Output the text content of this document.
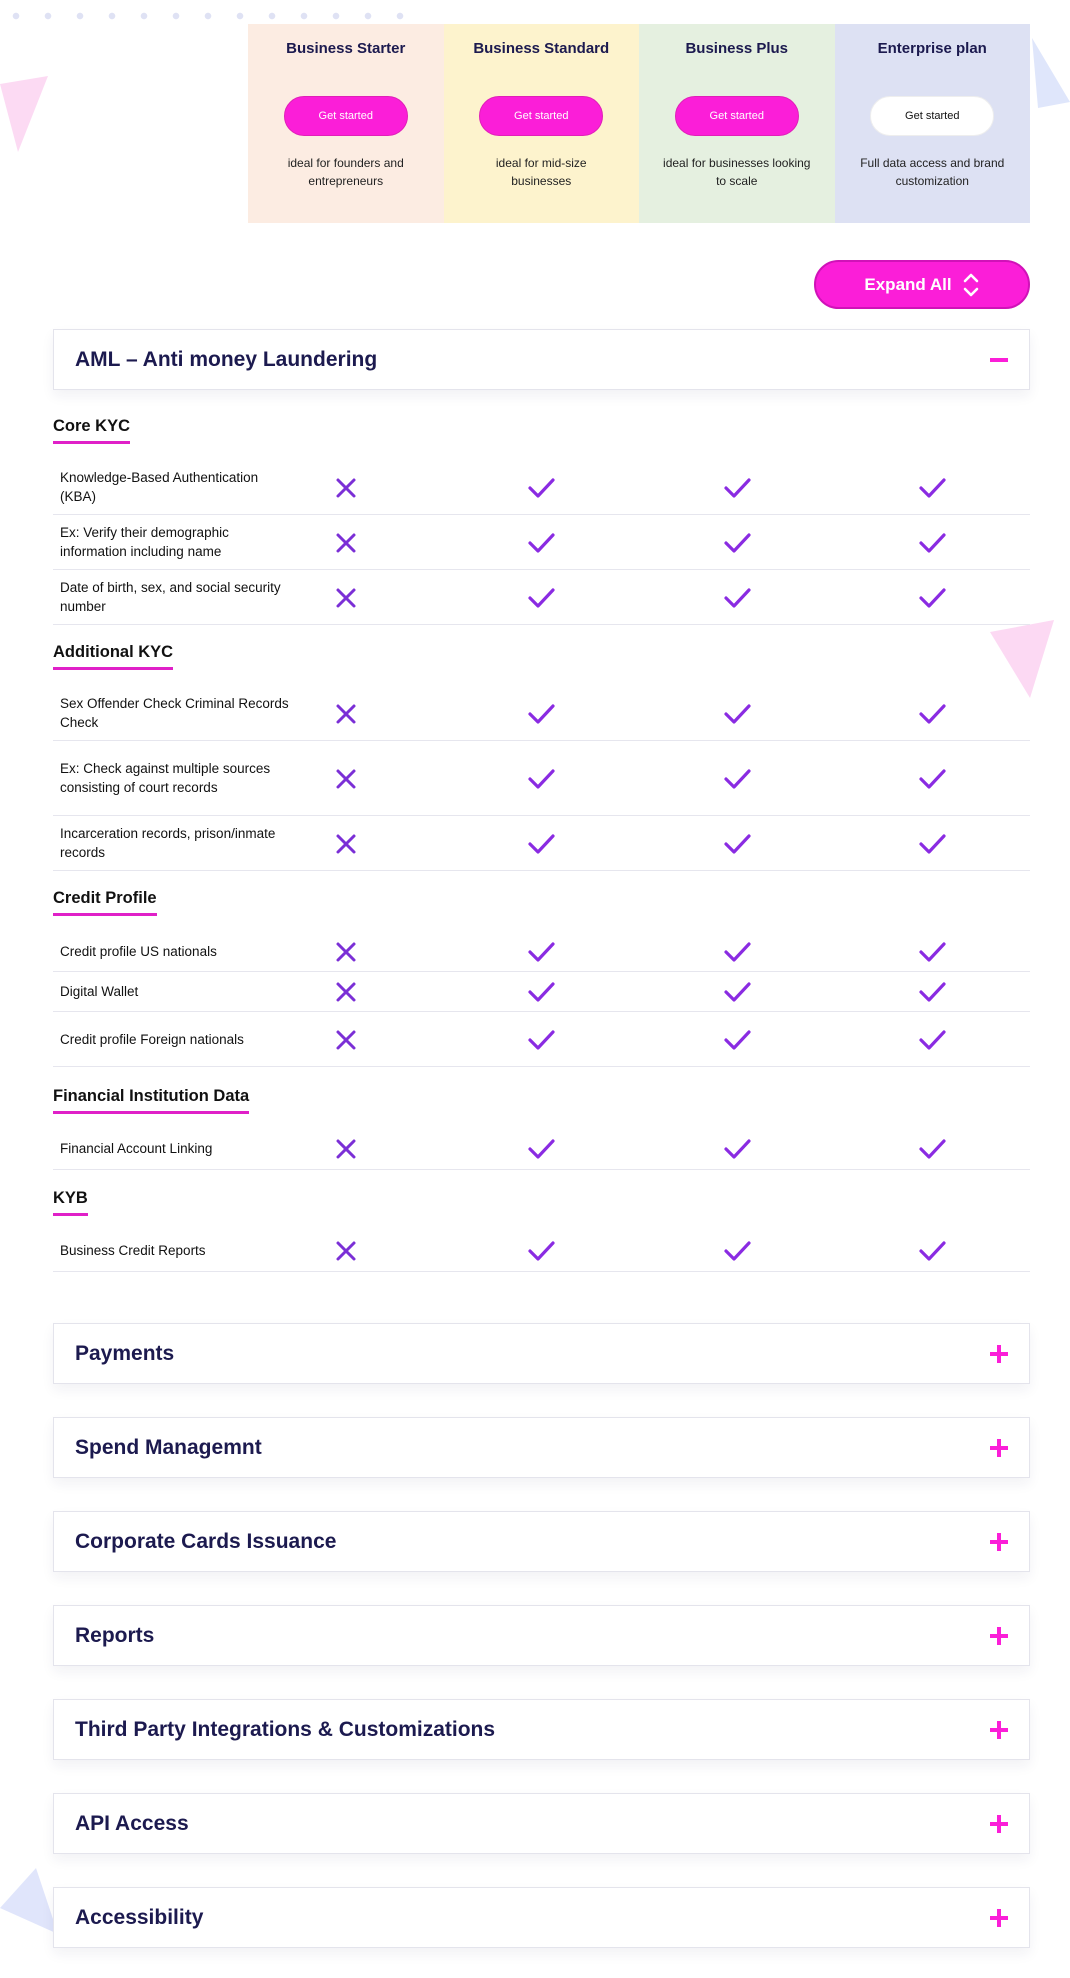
Business Starter
Get started
ideal for founders and entrepreneurs
Business Standard
Get started
ideal for mid-size businesses
Business Plus
Get started
ideal for businesses looking to scale
Enterprise plan
Get started
Full data access and brand customization
Expand All
AML – Anti money Laundering
Core KYC
Knowledge-Based Authentication (KBA)
Ex: Verify their demographic information including name
Date of birth, sex, and social security number
Additional KYC
Sex Offender Check Criminal Records Check
Ex: Check against multiple sources consisting of court records
Incarceration records, prison/inmate records
Credit Profile
Credit profile US nationals
Digital Wallet
Credit profile Foreign nationals
Financial Institution Data
Financial Account Linking
KYB
Business Credit Reports
Payments
Spend Managemnt
Corporate Cards Issuance
Reports
Third Party Integrations & Customizations
API Access
Accessibility
